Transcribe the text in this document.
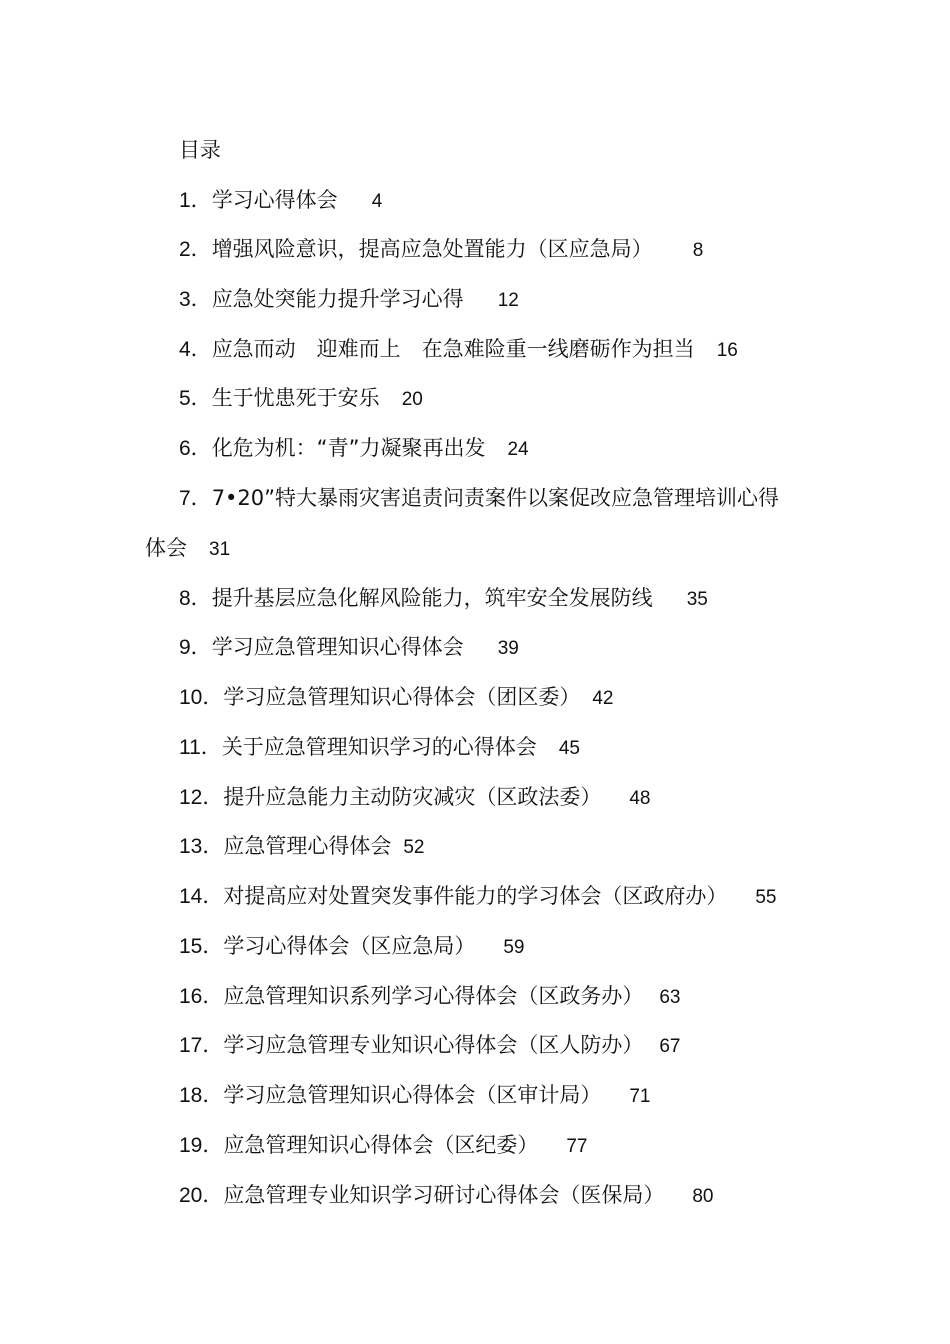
目录
1．学习心得体会 4
2．增强风险意识，提高应急处置能力（区应急局） 8
3．应急处突能力提升学习心得 12
4．应急而动　迎难而上　在急难险重一线磨砺作为担当 16
5．生于忧患死于安乐 20
6．化危为机：“青”力凝聚再出发 24
7．7•20”特大暴雨灾害追责问责案件以案促改应急管理培训心得
体会 31
8．提升基层应急化解风险能力，筑牢安全发展防线 35
9．学习应急管理知识心得体会 39
10．学习应急管理知识心得体会（团区委） 42
11．关于应急管理知识学习的心得体会 45
12．提升应急能力主动防灾减灾（区政法委） 48
13．应急管理心得体会 52
14．对提高应对处置突发事件能力的学习体会（区政府办） 55
15．学习心得体会（区应急局） 59
16．应急管理知识系列学习心得体会（区政务办） 63
17．学习应急管理专业知识心得体会（区人防办） 67
18．学习应急管理知识心得体会（区审计局） 71
19．应急管理知识心得体会（区纪委） 77
20．应急管理专业知识学习研讨心得体会（医保局） 80
